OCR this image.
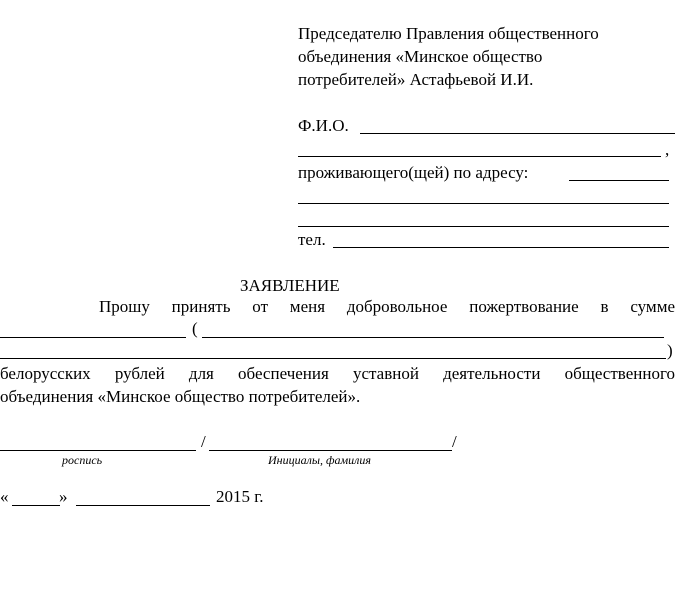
Председателю Правления общественного
объединения «Минское общество
потребителей» Астафьевой И.И.
Ф.И.О.
,
проживающего(щей) по адресу:
тел.
ЗАЯВЛЕНИЕ
Прошу принять от меня добровольное пожертвование в сумме
(
)
белорусских рублей для обеспечения уставной деятельности общественного
объединения «Минское общество потребителей».
/	/
роспись	Инициалы, фамилия
«	»	2015 г.
